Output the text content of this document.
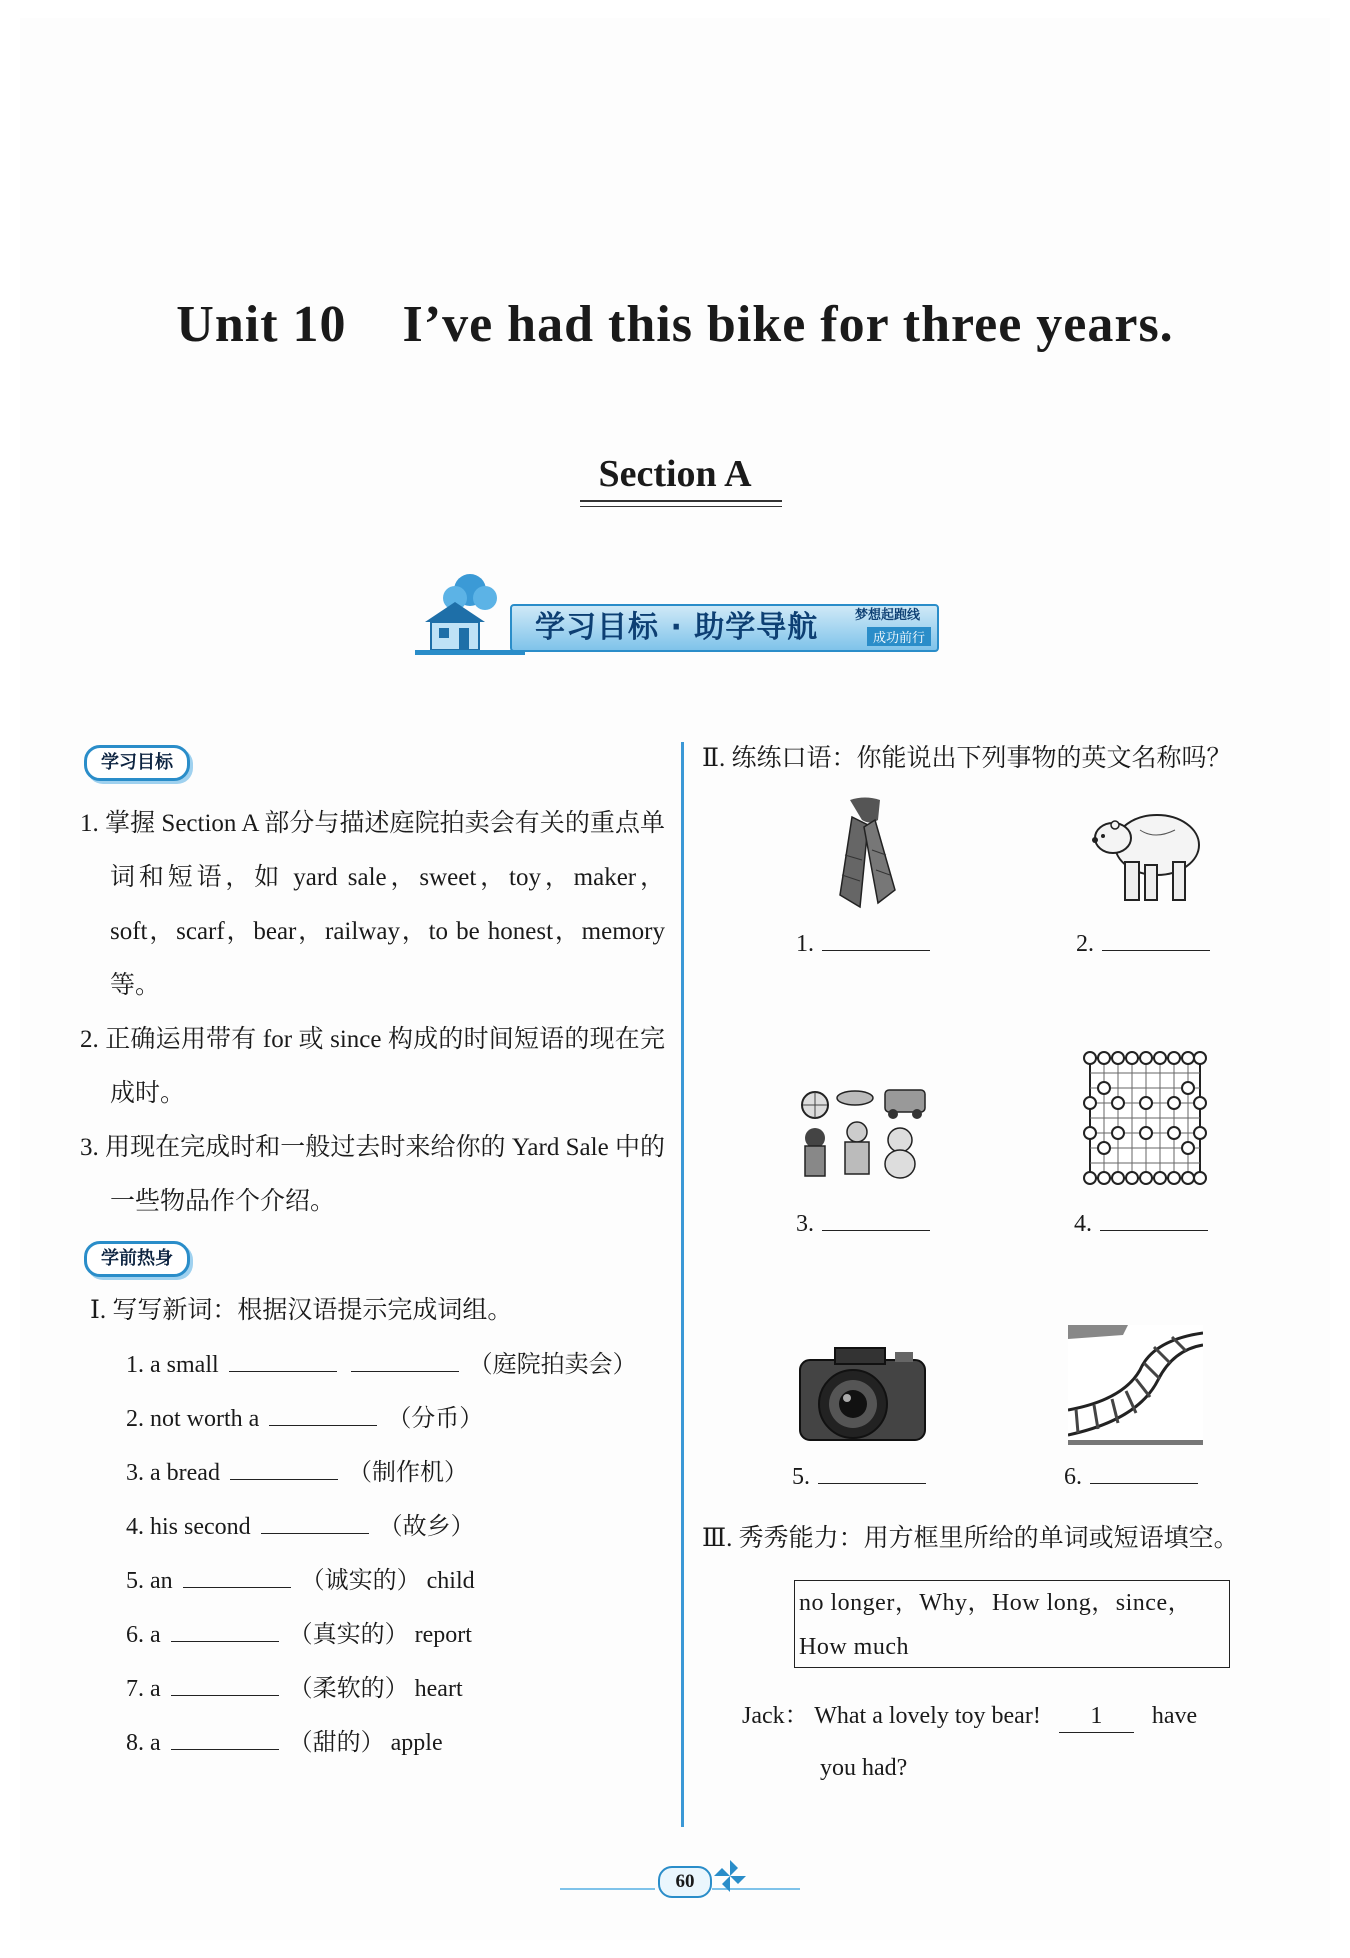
Unit 10    I’ve had this bike for three years.
Section A
学习目标 · 助学导航	梦想起跑线
成功前行
学习目标
1. 掌握 Section A 部分与描述庭院拍卖会有关的重点单词和短语，如 yard sale，sweet，toy，maker，soft，scarf，bear，railway，to be honest，memory 等。
2. 正确运用带有 for 或 since 构成的时间短语的现在完成时。
3. 用现在完成时和一般过去时来给你的 Yard Sale 中的一些物品作个介绍。
学前热身
Ⅰ. 写写新词：根据汉语提示完成词组。
1. a small	（庭院拍卖会）
2. not worth a	（分币）
3. a bread	（制作机）
4. his second	（故乡）
5. an	（诚实的） child
6. a	（真实的） report
7. a	（柔软的） heart
8. a	（甜的） apple
Ⅱ. 练练口语：你能说出下列事物的英文名称吗？
1.	2.
3.	4.
5.	6.
Ⅲ. 秀秀能力：用方框里所给的单词或短语填空。
no longer，Why，How long，since，
How much
Jack： What a lovely toy bear! 1 have
you had?
60
